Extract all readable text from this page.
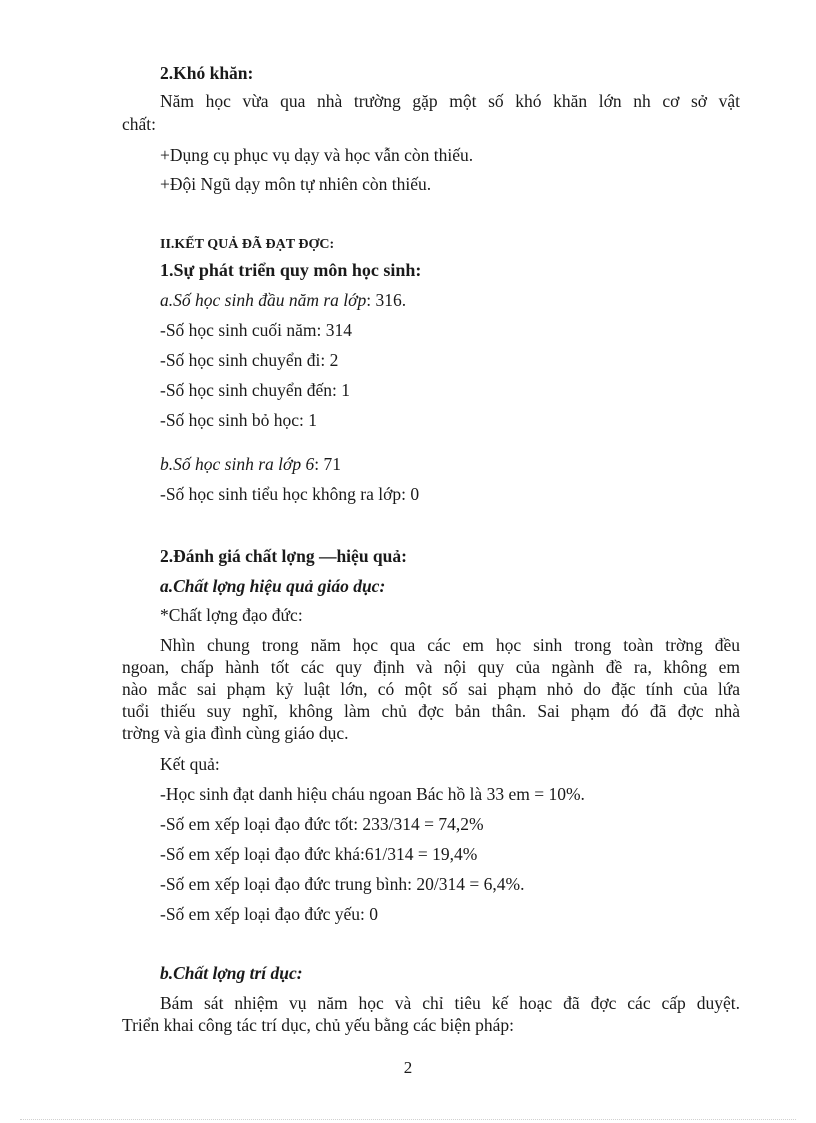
2.Khó khăn:
Năm học vừa qua nhà trường gặp một số khó khăn lớn nh cơ sở vật
chất:
+Dụng cụ phục vụ dạy và học vẫn còn thiếu.
+Đội Ngũ dạy môn tự nhiên còn thiếu.
II.KẾT QUẢ ĐÃ ĐẠT ĐỢC:
1.Sự phát triển quy môn học sinh:
a.Số học sinh đầu năm ra lớp: 316.
-Số học sinh cuối năm: 314
-Số học sinh chuyển đi: 2
-Số học sinh chuyển đến: 1
-Số học sinh bỏ học: 1
b.Số học sinh ra lớp 6: 71
-Số học sinh tiểu học không ra lớp: 0
2.Đánh giá chất lợng —hiệu quả:
a.Chất lợng hiệu quả giáo dục:
*Chất lợng đạo đức:
Nhìn chung trong năm học qua các em học sinh trong toàn trờng đều
ngoan, chấp hành tốt các quy định và nội quy của ngành đề ra, không em
nào mắc sai phạm kỷ luật lớn, có một số sai phạm nhỏ do đặc tính của lứa
tuổi thiếu suy nghĩ, không làm chủ đợc bản thân. Sai phạm đó đã đợc nhà
trờng và gia đình cùng giáo dục.
Kết quả:
-Học sinh đạt danh hiệu cháu ngoan Bác hồ là 33 em = 10%.
-Số em xếp loại đạo đức tốt: 233/314 = 74,2%
-Số em xếp loại đạo đức khá:61/314 = 19,4%
-Số em xếp loại đạo đức trung bình: 20/314 = 6,4%.
-Số em xếp loại đạo đức yếu: 0
b.Chất lợng trí dục:
Bám sát nhiệm vụ năm học và chỉ tiêu kế hoạc đã đợc các cấp duyệt.
Triển khai công tác trí dục, chủ yếu bằng các biện pháp:
2
